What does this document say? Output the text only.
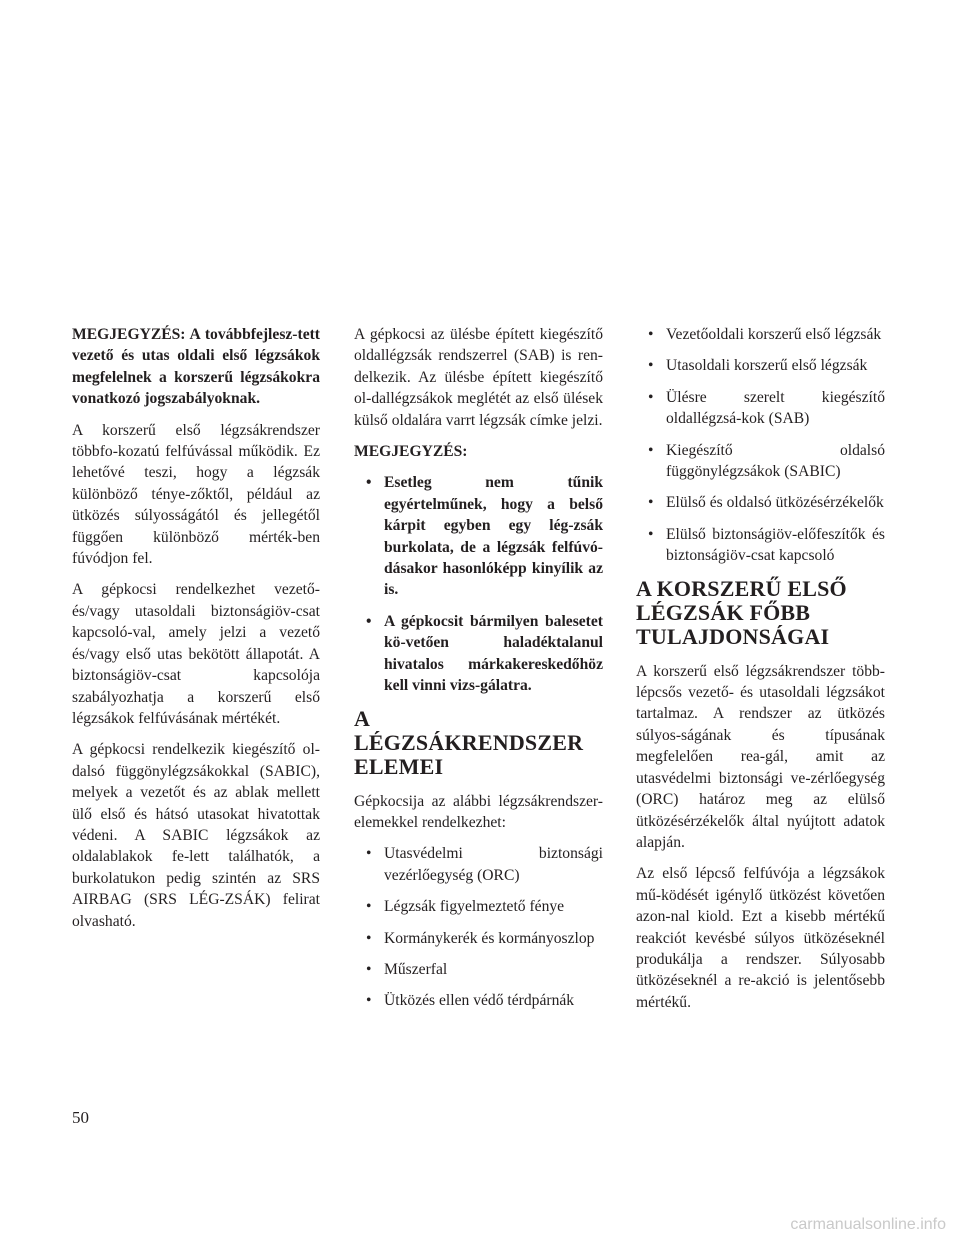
MEGJEGYZÉS: A továbbfejlesz-tett vezető és utas oldali első légzsákok megfelelnek a korszerű légzsákokra vonatkozó jogszabályoknak.

A korszerű első légzsákrendszer többfo-kozatú felfúvással működik. Ez lehetővé teszi, hogy a légzsák különböző ténye-zőktől, például az ütközés súlyosságától és jellegétől függően különböző mérték-ben fúvódjon fel.

A gépkocsi rendelkezhet vezető- és/vagy utasoldali biztonságiöv-csat kapcsoló-val, amely jelzi a vezető és/vagy első utas bekötött állapotát. A biztonságiöv-csat kapcsolója szabályozhatja a korszerű első légzsákok felfúvásának mértékét.

A gépkocsi rendelkezik kiegészítő ol-dalsó függönylégzsákokkal (SABIC), melyek a vezetőt és az ablak mellett ülő első és hátsó utasokat hivatottak védeni. A SABIC légzsákok az oldalablakok fe-lett találhatók, a burkolatukon pedig szintén az SRS AIRBAG (SRS LÉG-ZSÁK) felirat olvasható.

A gépkocsi az ülésbe épített kiegészítő oldallégzsák rendszerrel (SAB) is ren-delkezik. Az ülésbe épített kiegészítő ol-dallégzsákok meglétét az első ülések külső oldalára varrt légzsák címke jelzi.

MEGJEGYZÉS:
• Esetleg nem tűnik egyértelműnek, hogy a belső kárpit egyben egy lég-zsák burkolata, de a légzsák felfúvó-dásakor hasonlóképp kinyílik az is.
• A gépkocsit bármilyen balesetet kö-vetően haladéktalanul hivatalos márkakereskedőhöz kell vinni vizs-gálatra.
A LÉGZSÁKRENDSZER ELEMEI

Gépkocsija az alábbi légzsákrendszer-elemekkel rendelkezhet:

• Utasvédelmi biztonsági vezérlőegység (ORC)
• Légzsák figyelmeztető fénye
• Kormánykerék és kormányoszlop
• Műszerfal
• Ütközés ellen védő térdpárnák
• Vezetőoldali korszerű első légzsák
• Utasoldali korszerű első légzsák
• Ülésre szerelt kiegészítő oldallégzsá-kok (SAB)
• Kiegészítő oldalsó függönylégzsákok (SABIC)
• Elülső és oldalsó ütközésérzékelők
• Elülső biztonságiöv-előfeszítők és biztonságiöv-csat kapcsoló
A KORSZERŰ ELSŐ LÉGZSÁK FŐBB TULAJDONSÁGAI

A korszerű első légzsákrendszer több-lépcsős vezető- és utasoldali légzsákot tartalmaz. A rendszer az ütközés súlyos-ságának és típusának megfelelően rea-gál, amit az utasvédelmi biztonsági ve-zérlőegység (ORC) határoz meg az elülső ütközésérzékelők által nyújtott adatok alapján.

Az első lépcső felfúvója a légzsákok mű-ködését igénylő ütközést követően azon-nal kiold. Ezt a kisebb mértékű reakciót kevésbé súlyos ütközéseknél produkálja a rendszer. Súlyosabb ütközéseknél a re-akció is jelentősebb mértékű.

50
carmanualsonline.info
